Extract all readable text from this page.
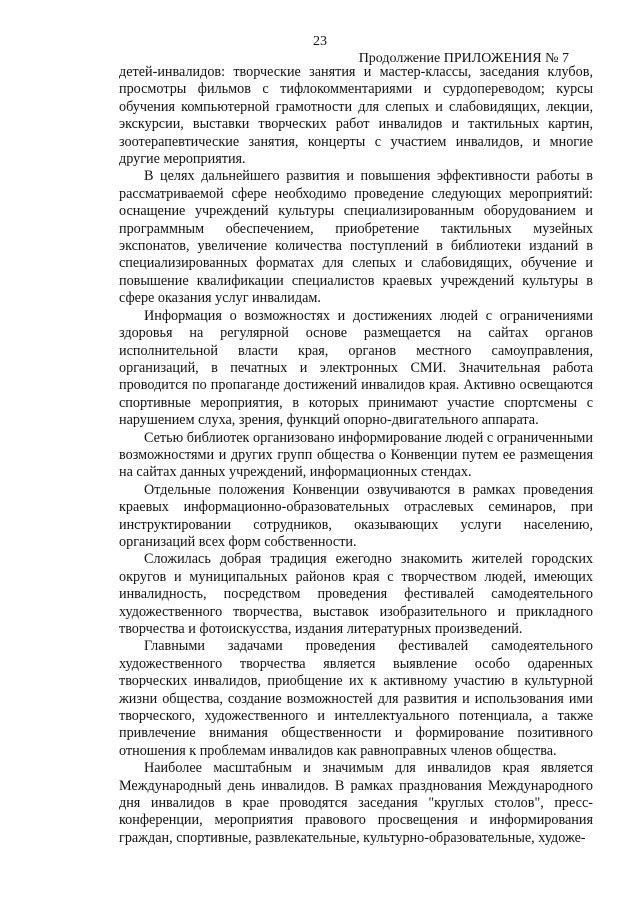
23
Продолжение ПРИЛОЖЕНИЯ № 7

детей-инвалидов: творческие занятия и мастер-классы, заседания клубов, просмотры фильмов с тифлокомментариями и сурдопереводом; курсы обучения компьютерной грамотности для слепых и слабовидящих, лекции, экскурсии, выставки творческих работ инвалидов и тактильных картин, зоотерапевтические занятия, концерты с участием инвалидов, и многие другие мероприятия.

В целях дальнейшего развития и повышения эффективности работы в рассматриваемой сфере необходимо проведение следующих мероприятий: оснащение учреждений культуры специализированным оборудованием и программным обеспечением, приобретение тактильных музейных экспонатов, увеличение количества поступлений в библиотеки изданий в специализированных форматах для слепых и слабовидящих, обучение и повышение квалификации специалистов краевых учреждений культуры в сфере оказания услуг инвалидам.

Информация о возможностях и достижениях людей с ограничениями здоровья на регулярной основе размещается на сайтах органов исполнительной власти края, органов местного самоуправления, организаций, в печатных и электронных СМИ. Значительная работа проводится по пропаганде достижений инвалидов края. Активно освещаются спортивные мероприятия, в которых принимают участие спортсмены с нарушением слуха, зрения, функций опорно-двигательного аппарата.

Сетью библиотек организовано информирование людей с ограниченными возможностями и других групп общества о Конвенции путем ее размещения на сайтах данных учреждений, информационных стендах.

Отдельные положения Конвенции озвучиваются в рамках проведения краевых информационно-образовательных отраслевых семинаров, при инструктировании сотрудников, оказывающих услуги населению, организаций всех форм собственности.

Сложилась добрая традиция ежегодно знакомить жителей городских округов и муниципальных районов края с творчеством людей, имеющих инвалидность, посредством проведения фестивалей самодеятельного художественного творчества, выставок изобразительного и прикладного творчества и фотоискусства, издания литературных произведений.

Главными задачами проведения фестивалей самодеятельного художественного творчества является выявление особо одаренных творческих инвалидов, приобщение их к активному участию в культурной жизни общества, создание возможностей для развития и использования ими творческого, художественного и интеллектуального потенциала, а также привлечение внимания общественности и формирование позитивного отношения к проблемам инвалидов как равноправных членов общества.

Наиболее масштабным и значимым для инвалидов края является Международный день инвалидов. В рамках празднования Международного дня инвалидов в крае проводятся заседания "круглых столов", пресс-конференции, мероприятия правового просвещения и информирования граждан, спортивные, развлекательные, культурно-образовательные, художе-
